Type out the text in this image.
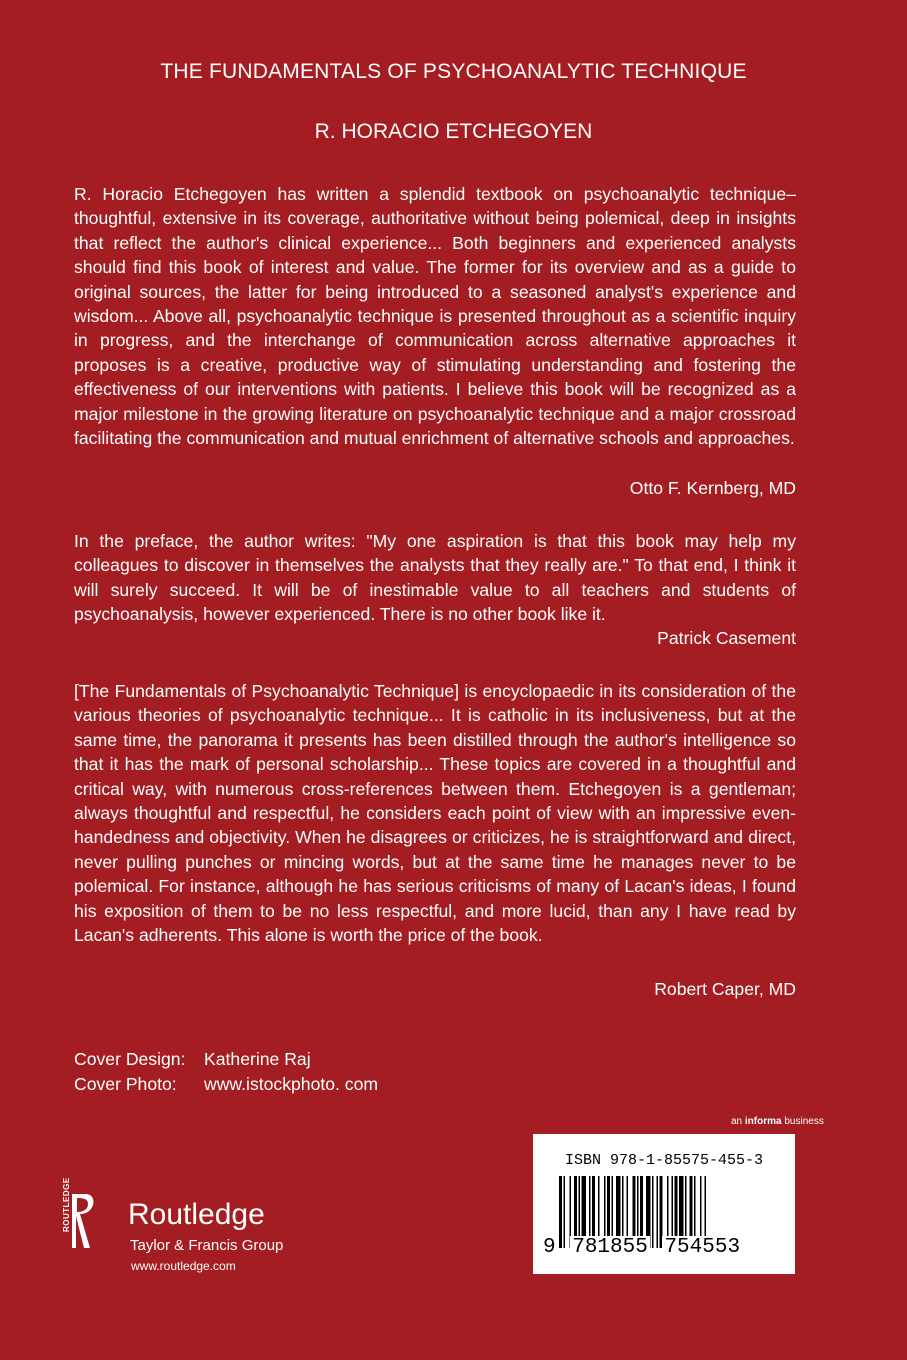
THE FUNDAMENTALS OF PSYCHOANALYTIC TECHNIQUE
R. HORACIO ETCHEGOYEN

R. Horacio Etchegoyen has written a splendid textbook on psychoanalytic technique– thoughtful, extensive in its coverage, authoritative without being polemical, deep in insights that reflect the author's clinical experience... Both beginners and experienced analysts should find this book of interest and value. The former for its overview and as a guide to original sources, the latter for being introduced to a seasoned analyst's experience and wisdom... Above all, psychoanalytic technique is presented throughout as a scientific inquiry in progress, and the interchange of communication across alternative approaches it proposes is a creative, productive way of stimulating understanding and fostering the effectiveness of our interventions with patients. I believe this book will be recognized as a major milestone in the growing literature on psychoanalytic technique and a major crossroad facilitating the communication and mutual enrichment of alternative schools and approaches.

Otto F. Kernberg, MD

In the preface, the author writes: "My one aspiration is that this book may help my colleagues to discover in themselves the analysts that they really are." To that end, I think it will surely succeed. It will be of inestimable value to all teachers and students of psychoanalysis, however experienced. There is no other book like it.

Patrick Casement

[The Fundamentals of Psychoanalytic Technique] is encyclopaedic in its consideration of the various theories of psychoanalytic technique... It is catholic in its inclusiveness, but at the same time, the panorama it presents has been distilled through the author's intelligence so that it has the mark of personal scholarship... These topics are covered in a thoughtful and critical way, with numerous cross-references between them. Etchegoyen is a gentleman; always thoughtful and respectful, he considers each point of view with an impressive even-handedness and objectivity. When he disagrees or criticizes, he is straightforward and direct, never pulling punches or mincing words, but at the same time he manages never to be polemical. For instance, although he has serious criticisms of many of Lacan's ideas, I found his exposition of them to be no less respectful, and more lucid, than any I have read by Lacan's adherents. This alone is worth the price of the book.

Robert Caper, MD
Cover Design: Katherine Raj
Cover Photo: www.istockphoto. com
an informa business
ISBN 978-1-85575-455-3
9 781855 754553
ROUTLEDGE Routledge
Taylor & Francis Group
www.routledge.com
